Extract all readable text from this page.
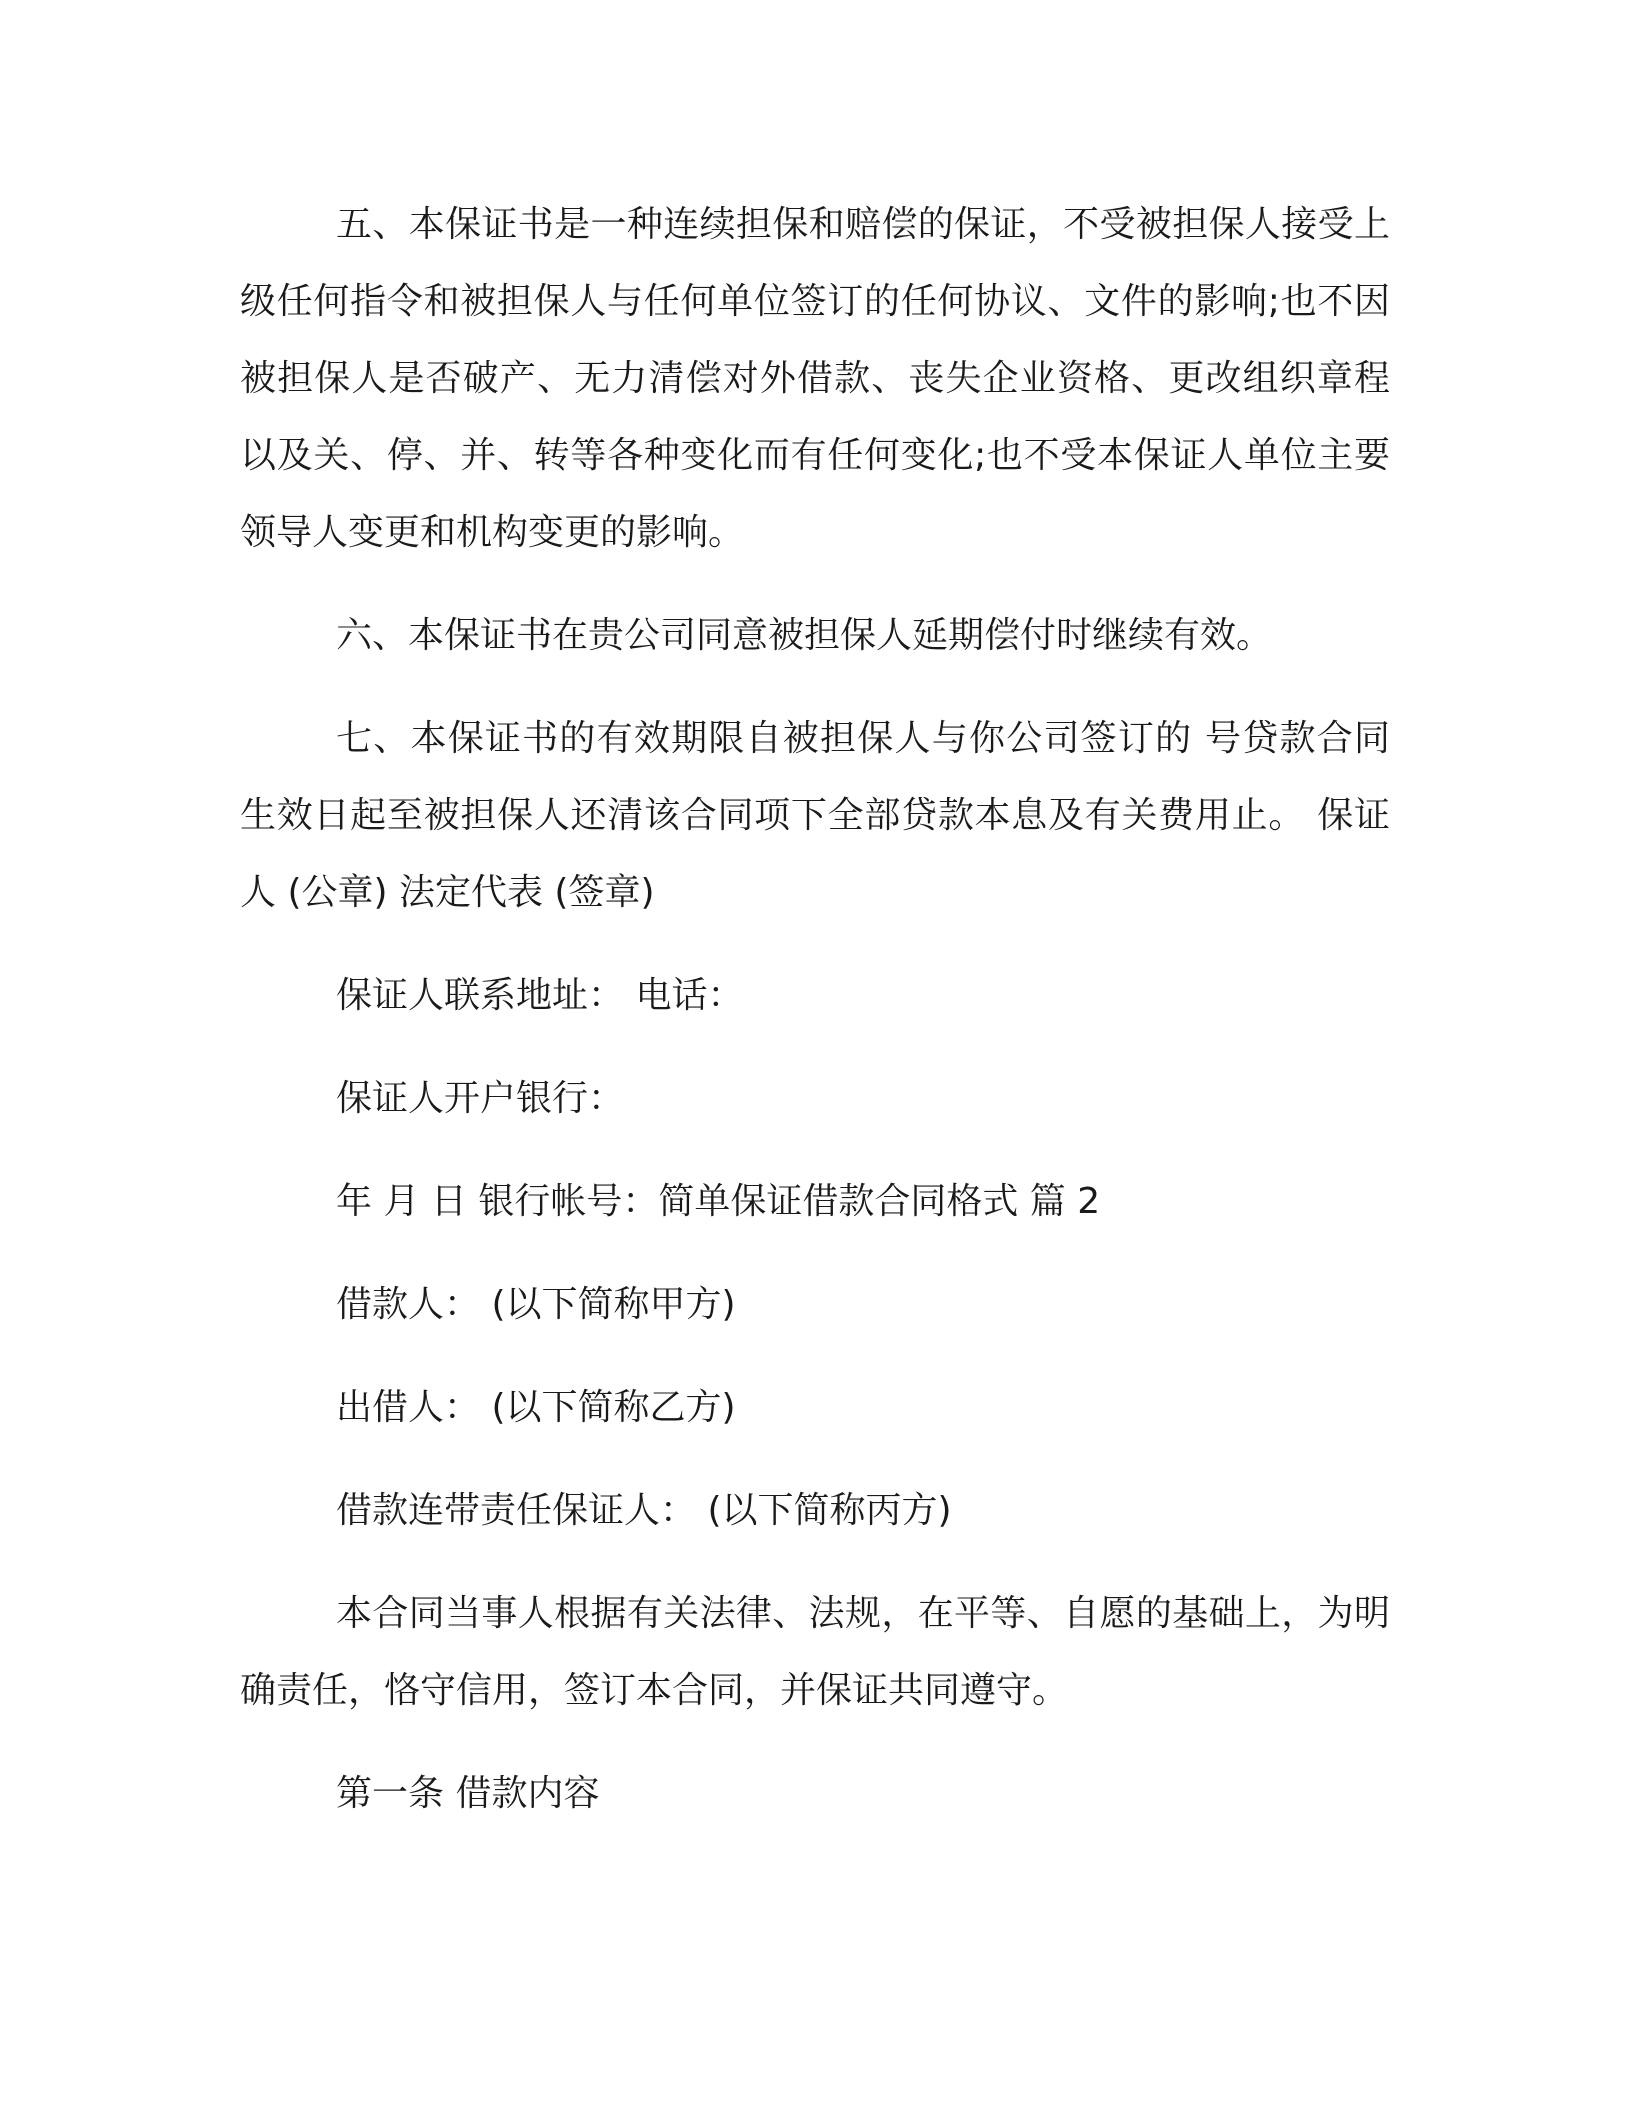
五、本保证书是一种连续担保和赔偿的保证，不受被担保人接受上级任何指令和被担保人与任何单位签订的任何协议、文件的影响;也不因被担保人是否破产、无力清偿对外借款、丧失企业资格、更改组织章程以及关、停、并、转等各种变化而有任何变化;也不受本保证人单位主要领导人变更和机构变更的影响。

六、本保证书在贵公司同意被担保人延期偿付时继续有效。

七、本保证书的有效期限自被担保人与你公司签订的 号贷款合同生效日起至被担保人还清该合同项下全部贷款本息及有关费用止。 保证人 (公章) 法定代表 (签章)

保证人联系地址： 电话：

保证人开户银行：

年 月 日 银行帐号：简单保证借款合同格式 篇 2

借款人： (以下简称甲方)

出借人： (以下简称乙方)

借款连带责任保证人： (以下简称丙方)

本合同当事人根据有关法律、法规，在平等、自愿的基础上，为明确责任，恪守信用，签订本合同，并保证共同遵守。

第一条 借款内容
